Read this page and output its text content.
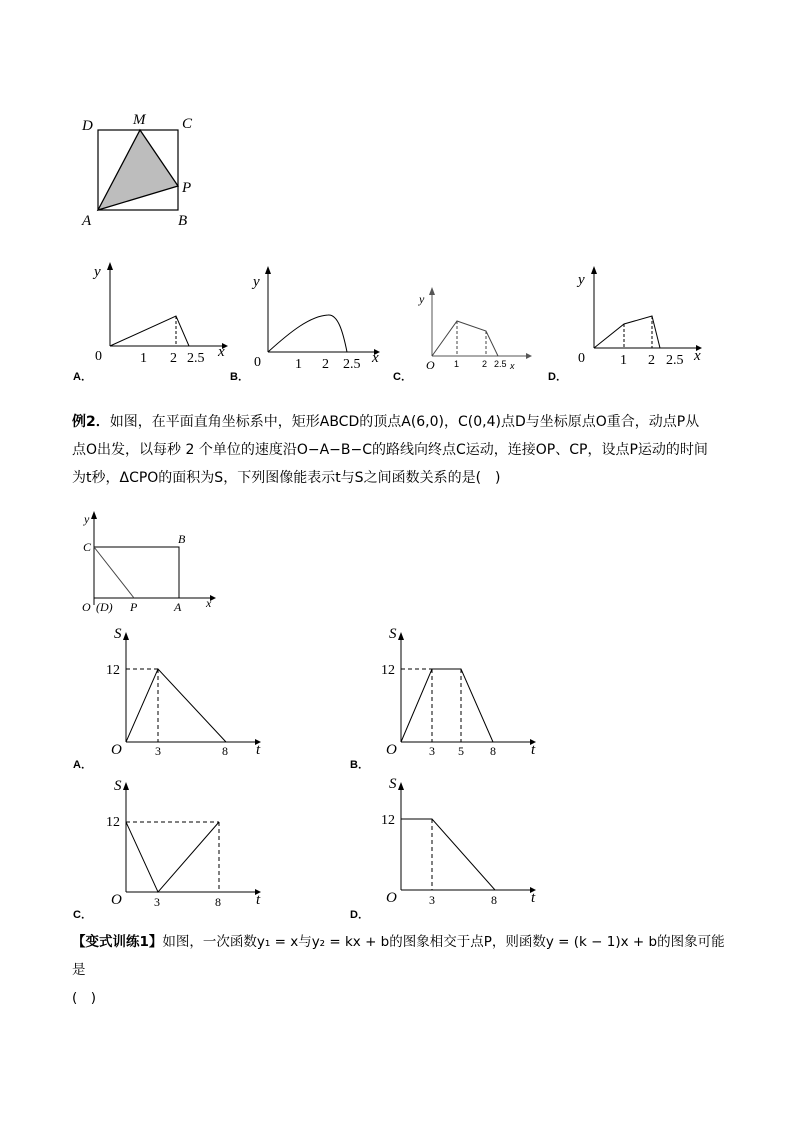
D	M C
P
A	B
y
x
0	1 2 2.5
A．
y
x
0 1 2 2.5
B．
y
O 1	2 2.5 x
C．
y
x
0	1 2 2.5
D．
例2．如图，在平面直角坐标系中，矩形ABCD的顶点A(6,0)，C(0,4)点D与坐标原点O重合，动点P从
点O出发，以每秒 2 个单位的速度沿O−A−B−C的路线向终点C运动，连接OP、CP，设点P运动的时间
为t秒，ΔCPO的面积为S，下列图像能表示t与S之间函数关系的是(　)
y
x
C
B
O (D) P	A
S
t
O
12
3	8
A．
S
t
O
12
3 5 8
B．
S
t
O
12
3	8
C．
S
t
O
12
3	8
D．
【变式训练1】如图，一次函数y₁ = x与y₂ = kx + b的图象相交于点P，则函数y = (k − 1)x + b的图象可能是
(　)
